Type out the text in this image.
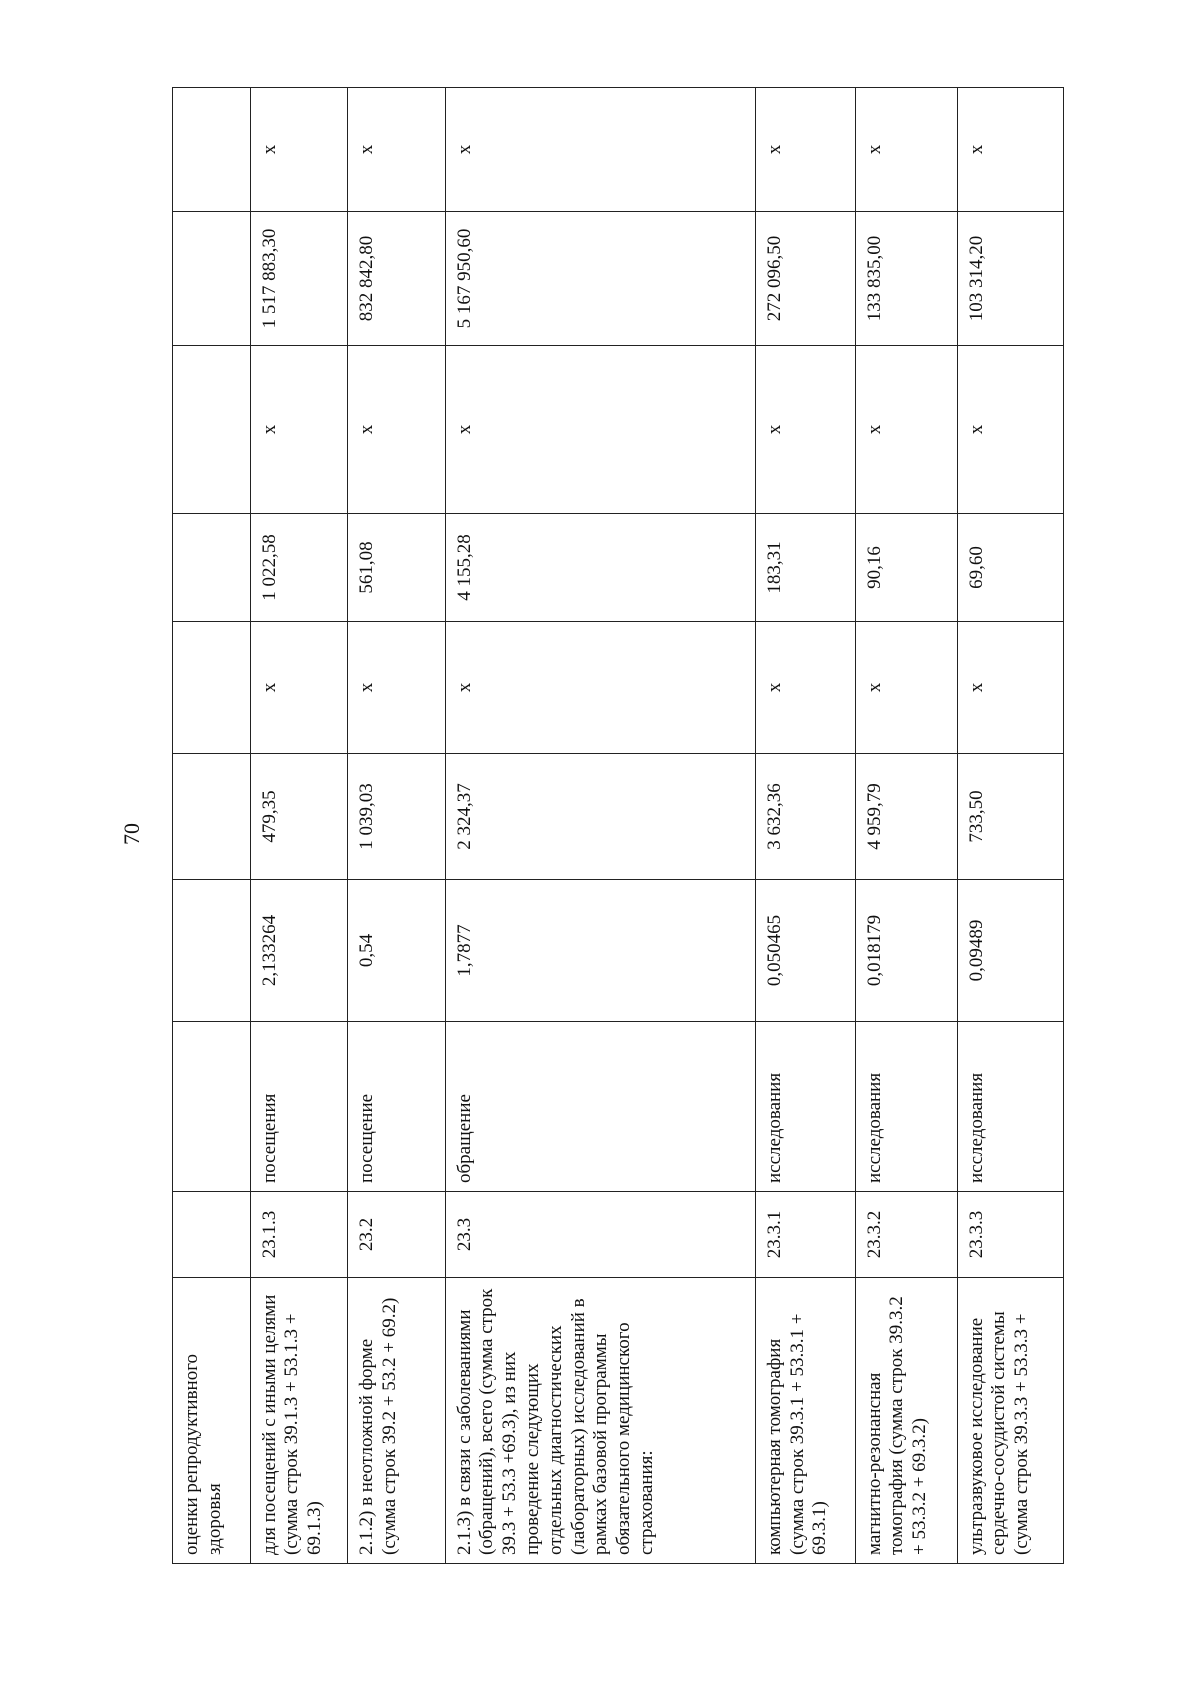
70
оценки репродуктивного здоровья									
для посещений с иными целями (сумма строк 39.1.3 + 53.1.3 + 69.1.3)	23.1.3	посещения	2,133264	479,35	x	1 022,58	x	1 517 883,30	x
2.1.2) в неотложной форме (сумма строк 39.2 + 53.2 + 69.2)	23.2	посещение	0,54	1 039,03	x	561,08	x	832 842,80	x
2.1.3) в связи с заболеваниями (обращений), всего (сумма строк 39.3 + 53.3 +69.3), из них проведение следующих отдельных диагностических (лабораторных) исследований в рамках базовой программы обязательного медицинского страхования:	23.3	обращение	1,7877	2 324,37	x	4 155,28	x	5 167 950,60	x
компьютерная томография (сумма строк 39.3.1 + 53.3.1 + 69.3.1)	23.3.1	исследования	0,050465	3 632,36	x	183,31	x	272 096,50	x
магнитно-резонансная томография (сумма строк 39.3.2 + 53.3.2 + 69.3.2)	23.3.2	исследования	0,018179	4 959,79	x	90,16	x	133 835,00	x
ультразвуковое исследование сердечно-сосудистой системы (сумма строк 39.3.3 + 53.3.3 +	23.3.3	исследования	0,09489	733,50	x	69,60	x	103 314,20	x
